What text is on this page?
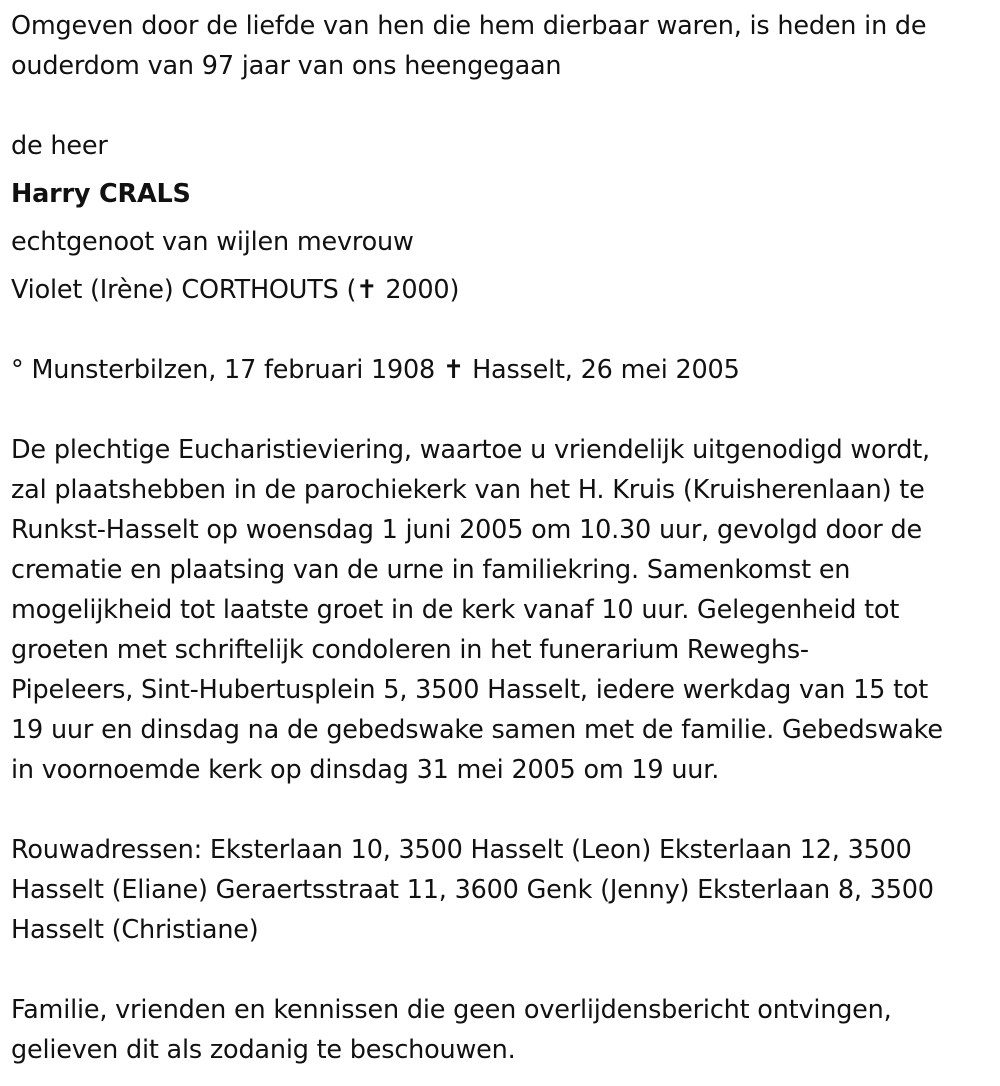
Omgeven door de liefde van hen die hem dierbaar waren, is heden in de
ouderdom van 97 jaar van ons heengegaan
de heer
Harry CRALS
echtgenoot van wijlen mevrouw
Violet (Irène) CORTHOUTS (✝ 2000)
° Munsterbilzen, 17 februari 1908 ✝ Hasselt, 26 mei 2005
De plechtige Eucharistieviering, waartoe u vriendelijk uitgenodigd wordt,
zal plaatshebben in de parochiekerk van het H. Kruis (Kruisherenlaan) te
Runkst-Hasselt op woensdag 1 juni 2005 om 10.30 uur, gevolgd door de
crematie en plaatsing van de urne in familiekring. Samenkomst en
mogelijkheid tot laatste groet in de kerk vanaf 10 uur. Gelegenheid tot
groeten met schriftelijk condoleren in het funerarium Reweghs-
Pipeleers, Sint-Hubertusplein 5, 3500 Hasselt, iedere werkdag van 15 tot
19 uur en dinsdag na de gebedswake samen met de familie. Gebedswake
in voornoemde kerk op dinsdag 31 mei 2005 om 19 uur.
Rouwadressen: Eksterlaan 10, 3500 Hasselt (Leon) Eksterlaan 12, 3500
Hasselt (Eliane) Geraertsstraat 11, 3600 Genk (Jenny) Eksterlaan 8, 3500
Hasselt (Christiane)
Familie, vrienden en kennissen die geen overlijdensbericht ontvingen,
gelieven dit als zodanig te beschouwen.
